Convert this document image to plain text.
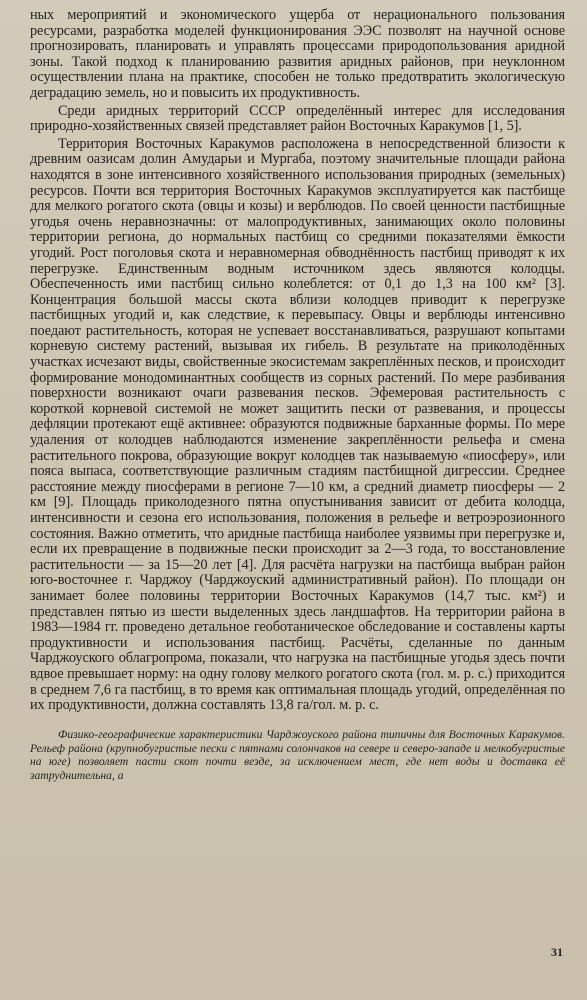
ных мероприятий и экономического ущерба от нерационального пользования ресурсами, разработка моделей функционирования ЭЭС позволят на научной основе прогнозировать, планировать и управлять процессами природопользования аридной зоны. Такой подход к планированию развития аридных районов, при неуклонном осуществлении плана на практике, способен не только предотвратить экологическую деградацию земель, но и повысить их продуктивность.

Среди аридных территорий СССР определённый интерес для исследования природно-хозяйственных связей представляет район Восточных Каракумов [1, 5].

Территория Восточных Каракумов расположена в непосредственной близости к древним оазисам долин Амударьи и Мургаба, поэтому значительные площади района находятся в зоне интенсивного хозяйственного использования природных (земельных) ресурсов. Почти вся территория Восточных Каракумов эксплуатируется как пастбище для мелкого рогатого скота (овцы и козы) и верблюдов. По своей ценности пастбищные угодья очень неравнозначны: от малопродуктивных, занимающих около половины территории региона, до нормальных пастбищ со средними показателями ёмкости угодий. Рост поголовья скота и неравномерная обводнённость пастбищ приводят к их перегрузке. Единственным водным источником здесь являются колодцы. Обеспеченность ими пастбищ сильно колеблется: от 0,1 до 1,3 на 100 км² [3]. Концентрация большой массы скота вблизи колодцев приводит к перегрузке пастбищных угодий и, как следствие, к перевыпасу. Овцы и верблюды интенсивно поедают растительность, которая не успевает восстанавливаться, разрушают копытами корневую систему растений, вызывая их гибель. В результате на приколодённых участках исчезают виды, свойственные экосистемам закреплённых песков, и происходит формирование монодоминантных сообществ из сорных растений. По мере разбивания поверхности возникают очаги развевания песков. Эфемеровая растительность с короткой корневой системой не может защитить пески от развевания, и процессы дефляции протекают ещё активнее: образуются подвижные барханные формы. По мере удаления от колодцев наблюдаются изменение закреплённости рельефа и смена растительного покрова, образующие вокруг колодцев так называемую «пиосферу», или пояса выпаса, соответствующие различным стадиям пастбищной дигрессии. Среднее расстояние между пиосферами в регионе 7—10 км, а средний диаметр пиосферы — 2 км [9]. Площадь приколодезного пятна опустынивания зависит от дебита колодца, интенсивности и сезона его использования, положения в рельефе и ветроэрозионного состояния. Важно отметить, что аридные пастбища наиболее уязвимы при перегрузке и, если их превращение в подвижные пески происходит за 2—3 года, то восстановление растительности — за 15—20 лет [4]. Для расчёта нагрузки на пастбища выбран район юго-восточнее г. Чарджоу (Чарджоуский административный район). По площади он занимает более половины территории Восточных Каракумов (14,7 тыс. км²) и представлен пятью из шести выделенных здесь ландшафтов. На территории района в 1983—1984 гг. проведено детальное геоботаническое обследование и составлены карты продуктивности и использования пастбищ. Расчёты, сделанные по данным Чарджоуского облагропрома, показали, что нагрузка на пастбищные угодья здесь почти вдвое превышает норму: на одну голову мелкого рогатого скота (гол. м. р. с.) приходится в среднем 7,6 га пастбищ, в то время как оптимальная площадь угодий, определённая по их продуктивности, должна составлять 13,8 га/гол. м. р. с.

Физико-географические характеристики Чарджоуского района типичны для Восточных Каракумов. Рельеф района (крупнобугристые пески с пятнами солончаков на севере и северо-западе и мелкобугристые на юге) позволяет пасти скот почти везде, за исключением мест, где нет воды и доставка её затруднительна, а

31
